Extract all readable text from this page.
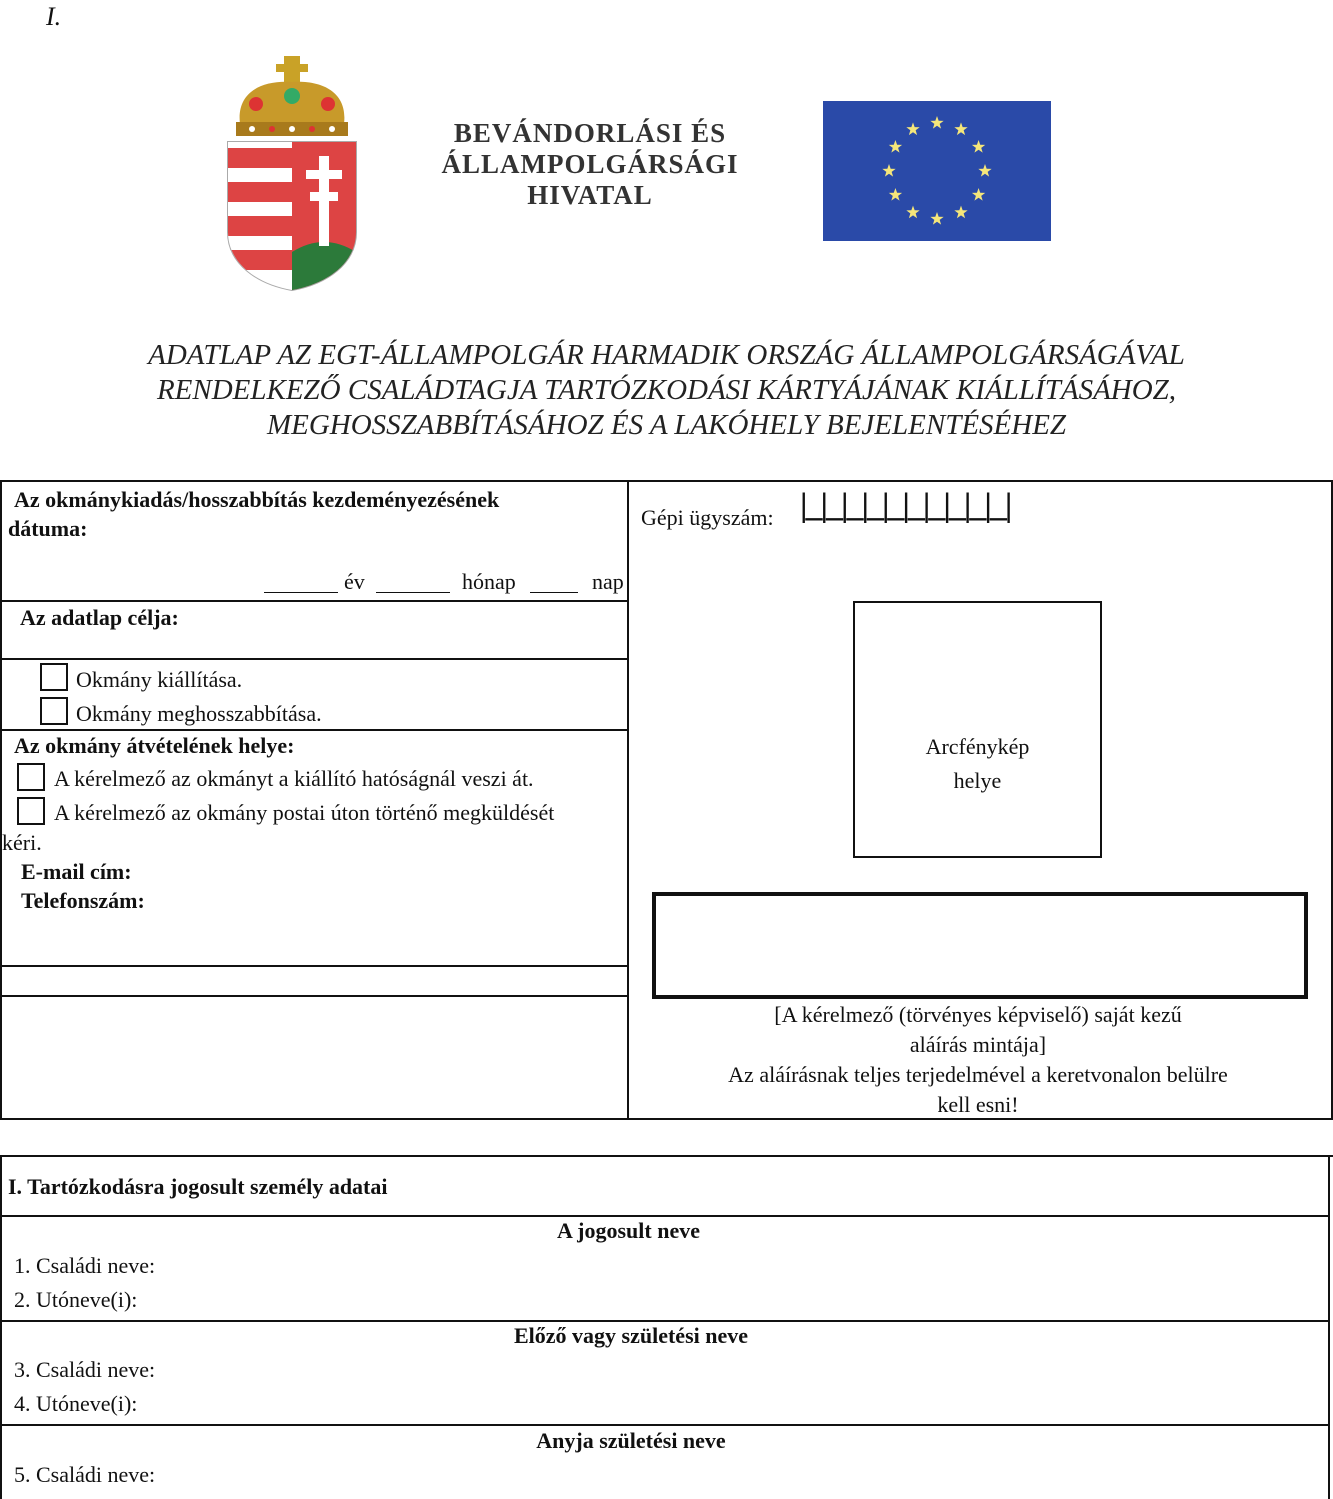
I.
BEVÁNDORLÁSI ÉS
ÁLLAMPOLGÁRSÁGI
HIVATAL
ADATLAP AZ EGT-ÁLLAMPOLGÁR HARMADIK ORSZÁG ÁLLAMPOLGÁRSÁGÁVAL
RENDELKEZŐ CSALÁDTAGJA TARTÓZKODÁSI KÁRTYÁJÁNAK KIÁLLÍTÁSÁHOZ,
MEGHOSSZABBÍTÁSÁHOZ ÉS A LAKÓHELY BEJELENTÉSÉHEZ
Az okmánykiadás/hosszabbítás kezdeményezésének
dátuma:
év	hónap	nap
Az adatlap célja:
Okmány kiállítása.
Okmány meghosszabbítása.
Az okmány átvételének helye:
A kérelmező az okmányt a kiállító hatóságnál veszi át.
A kérelmező az okmány postai úton történő megküldését
kéri.
E-mail cím:
Telefonszám:
Gépi ügyszám: |_|_|_|_|_|_|_|_|_|_|
Arcfénykép
helye
[A kérelmező (törvényes képviselő) saját kezű
aláírás mintája]
Az aláírásnak teljes terjedelmével a keretvonalon belülre
kell esni!
I. Tartózkodásra jogosult személy adatai
A jogosult neve
1. Családi neve:
2. Utóneve(i):
Előző vagy születési neve
3. Családi neve:
4. Utóneve(i):
Anyja születési neve
5. Családi neve:
